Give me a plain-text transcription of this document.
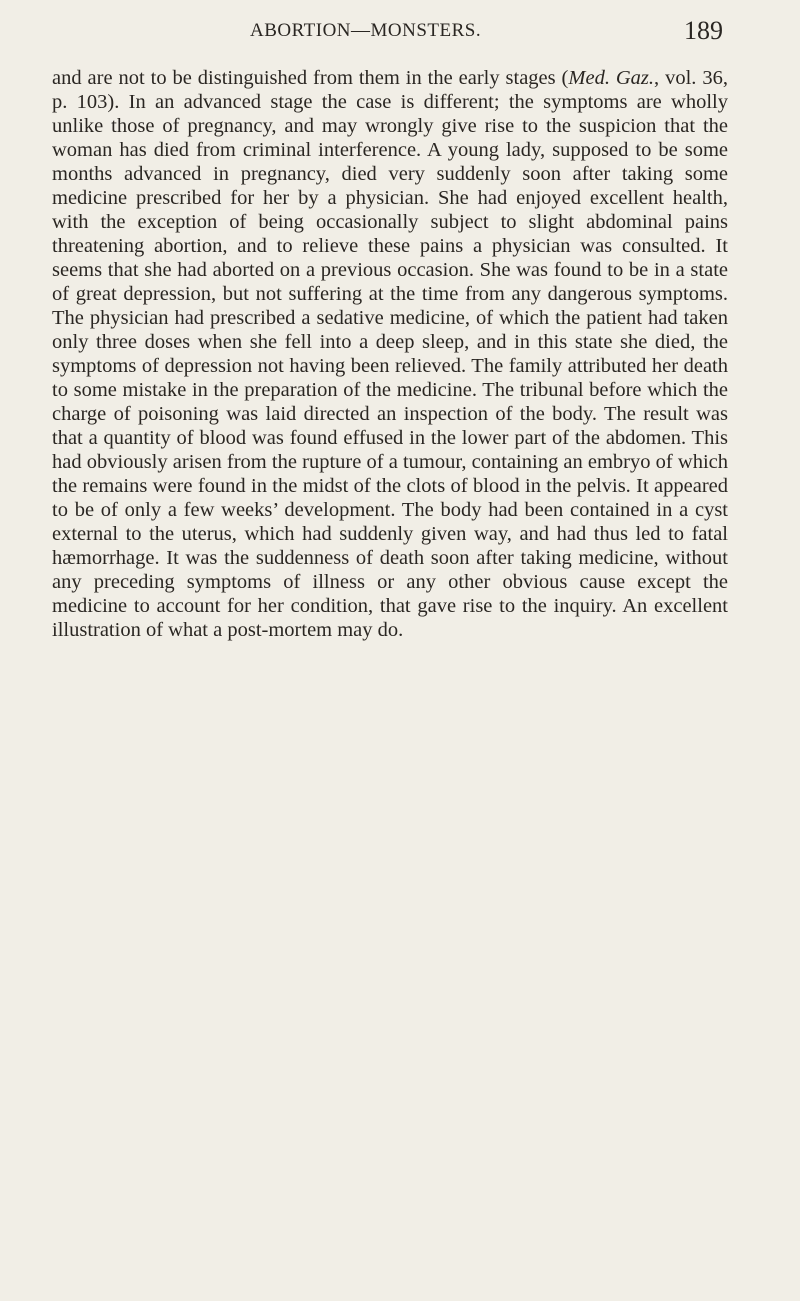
ABORTION—MONSTERS.	189

and are not to be distinguished from them in the early stages (Med. Gaz., vol. 36, p. 103). In an advanced stage the case is different; the symptoms are wholly unlike those of pregnancy, and may wrongly give rise to the suspicion that the woman has died from criminal interference. A young lady, supposed to be some months advanced in pregnancy, died very suddenly soon after taking some medicine prescribed for her by a physician. She had enjoyed excellent health, with the exception of being occasionally subject to slight abdominal pains threatening abortion, and to relieve these pains a physician was consulted. It seems that she had aborted on a previous occasion. She was found to be in a state of great depression, but not suffering at the time from any dangerous symptoms. The physician had prescribed a sedative medicine, of which the patient had taken only three doses when she fell into a deep sleep, and in this state she died, the symptoms of depression not having been relieved. The family attributed her death to some mistake in the preparation of the medicine. The tribunal before which the charge of poisoning was laid directed an inspection of the body. The result was that a quantity of blood was found effused in the lower part of the abdomen. This had obviously arisen from the rupture of a tumour, containing an embryo of which the remains were found in the midst of the clots of blood in the pelvis. It appeared to be of only a few weeks’ development. The body had been contained in a cyst external to the uterus, which had suddenly given way, and had thus led to fatal hæmorrhage. It was the suddenness of death soon after taking medicine, without any preceding symptoms of illness or any other obvious cause except the medicine to account for her condition, that gave rise to the inquiry. An excellent illustration of what a post-mortem may do.
